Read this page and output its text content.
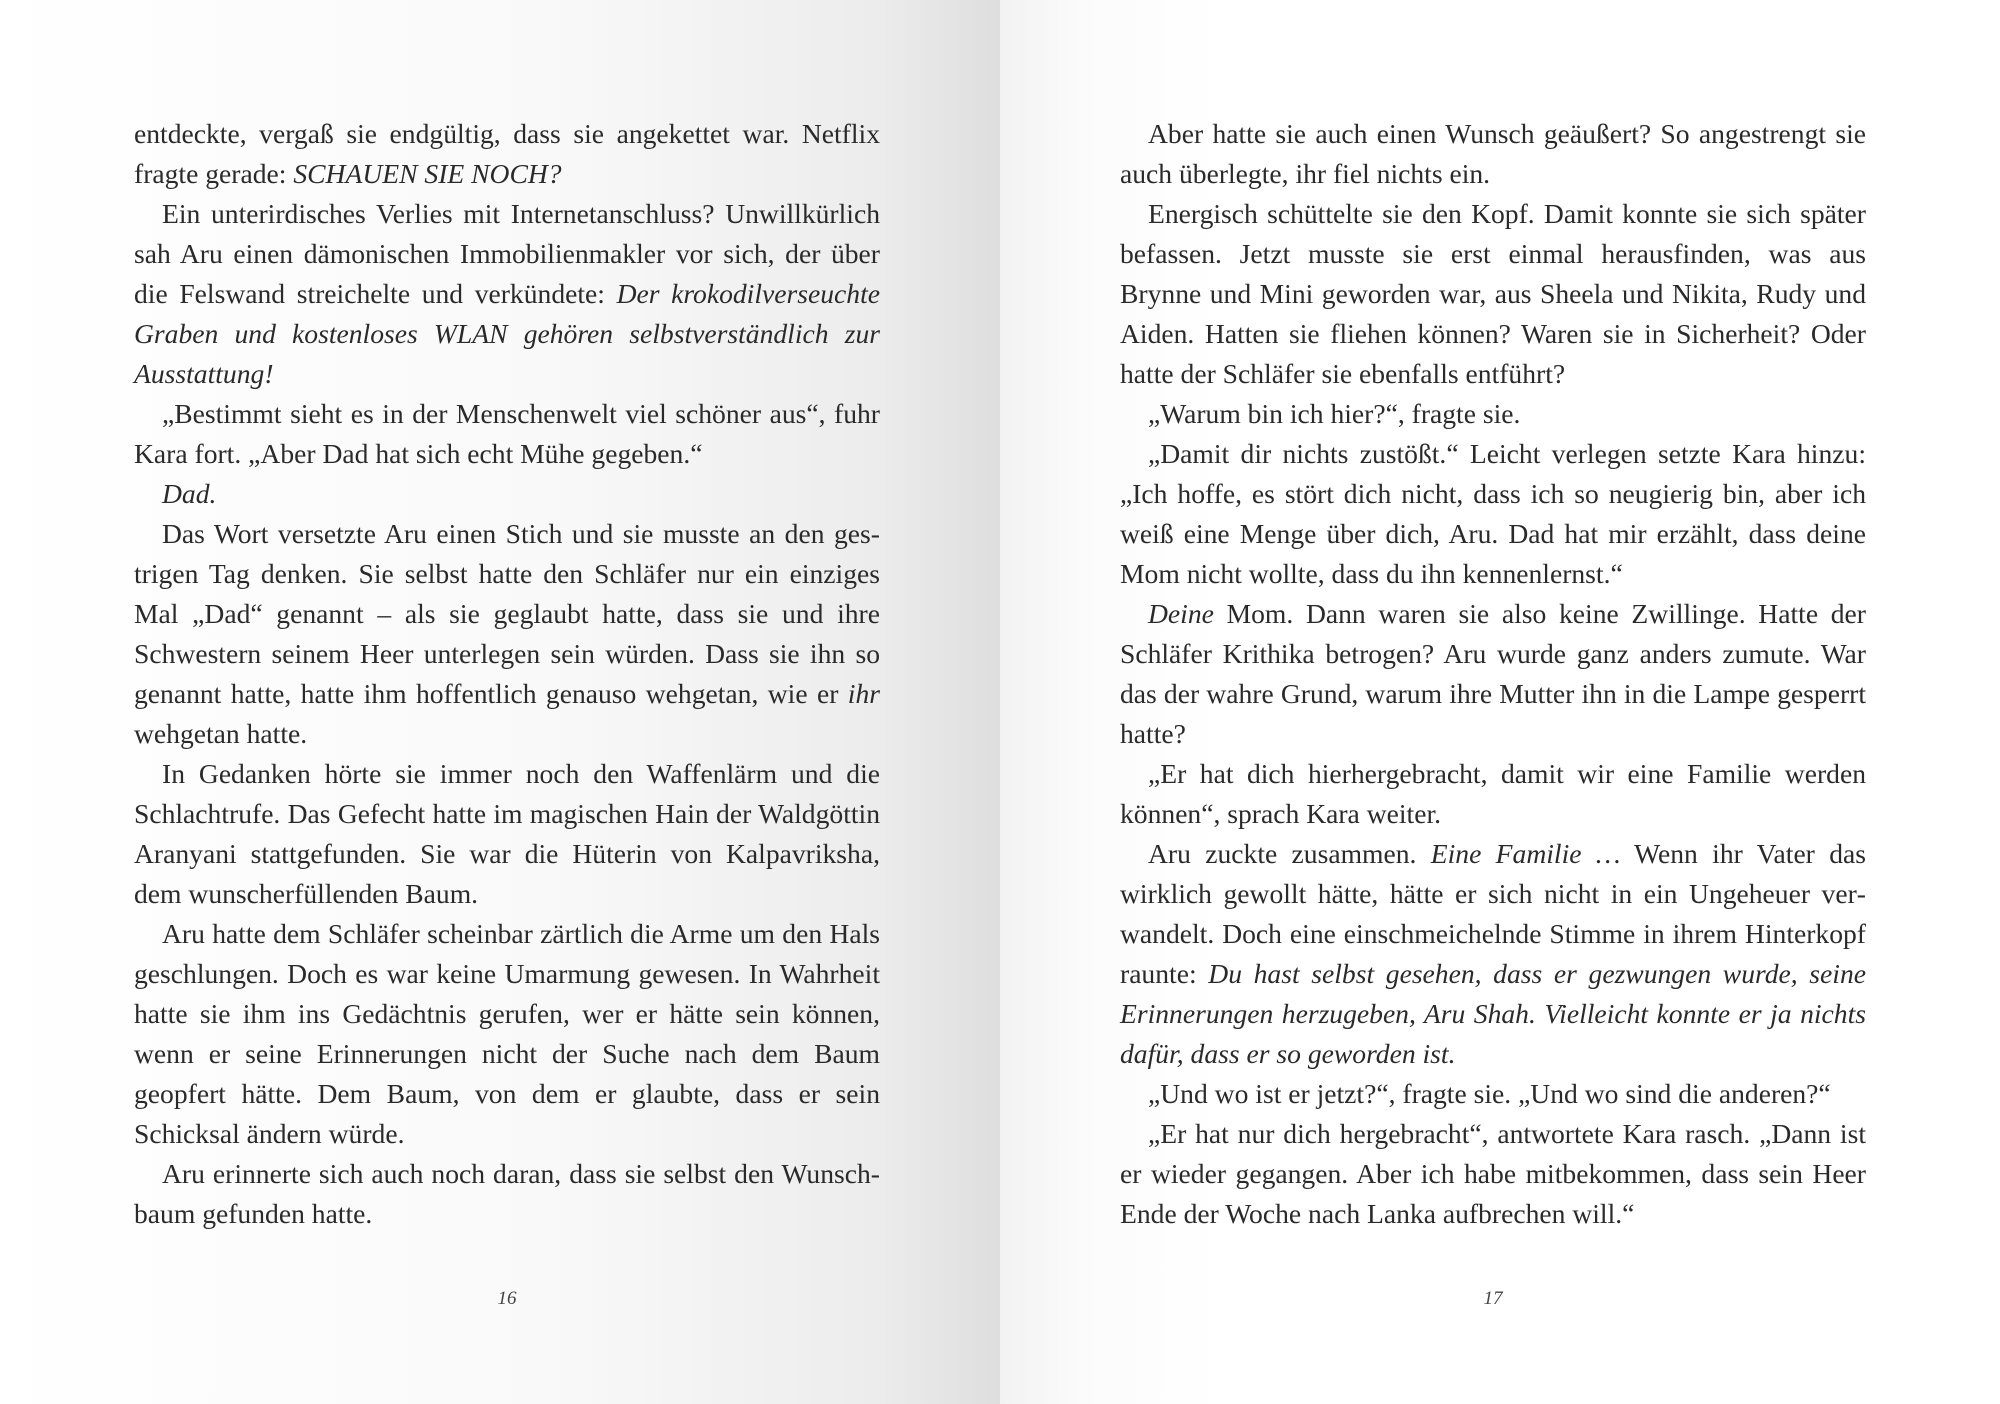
entdeckte, vergaß sie endgültig, dass sie angekettet war. Netflix fragte gerade: SCHAUEN SIE NOCH?

Ein unterirdisches Verlies mit Internetanschluss? Unwillkürlich sah Aru einen dämonischen Immobilienmakler vor sich, der über die Felswand streichelte und verkündete: Der krokodilverseuchte Graben und kostenloses WLAN gehören selbstverständlich zur Ausstattung!

„Bestimmt sieht es in der Menschenwelt viel schöner aus“, fuhr Kara fort. „Aber Dad hat sich echt Mühe gegeben.“

Dad.

Das Wort versetzte Aru einen Stich und sie musste an den gestrigen Tag denken. Sie selbst hatte den Schläfer nur ein einziges Mal „Dad“ genannt – als sie geglaubt hatte, dass sie und ihre Schwestern seinem Heer unterlegen sein würden. Dass sie ihn so genannt hatte, hatte ihm hoffentlich genauso wehgetan, wie er ihr wehgetan hatte.

In Gedanken hörte sie immer noch den Waffenlärm und die Schlachtrufe. Das Gefecht hatte im magischen Hain der Waldgöttin Aranyani stattgefunden. Sie war die Hüterin von Kalpavriksha, dem wunscherfüllenden Baum.

Aru hatte dem Schläfer scheinbar zärtlich die Arme um den Hals geschlungen. Doch es war keine Umarmung gewesen. In Wahrheit hatte sie ihm ins Gedächtnis gerufen, wer er hätte sein können, wenn er seine Erinnerungen nicht der Suche nach dem Baum geopfert hätte. Dem Baum, von dem er glaubte, dass er sein Schicksal ändern würde.

Aru erinnerte sich auch noch daran, dass sie selbst den Wunschbaum gefunden hatte.

16

Aber hatte sie auch einen Wunsch geäußert? So angestrengt sie auch überlegte, ihr fiel nichts ein.

Energisch schüttelte sie den Kopf. Damit konnte sie sich später befassen. Jetzt musste sie erst einmal herausfinden, was aus Brynne und Mini geworden war, aus Sheela und Nikita, Rudy und Aiden. Hatten sie fliehen können? Waren sie in Sicherheit? Oder hatte der Schläfer sie ebenfalls entführt?

„Warum bin ich hier?“, fragte sie.

„Damit dir nichts zustößt.“ Leicht verlegen setzte Kara hinzu: „Ich hoffe, es stört dich nicht, dass ich so neugierig bin, aber ich weiß eine Menge über dich, Aru. Dad hat mir erzählt, dass deine Mom nicht wollte, dass du ihn kennenlernst.“

Deine Mom. Dann waren sie also keine Zwillinge. Hatte der Schläfer Krithika betrogen? Aru wurde ganz anders zumute. War das der wahre Grund, warum ihre Mutter ihn in die Lampe gesperrt hatte?

„Er hat dich hierhergebracht, damit wir eine Familie werden können“, sprach Kara weiter.

Aru zuckte zusammen. Eine Familie … Wenn ihr Vater das wirklich gewollt hätte, hätte er sich nicht in ein Ungeheuer verwandelt. Doch eine einschmeichelnde Stimme in ihrem Hinterkopf raunte: Du hast selbst gesehen, dass er gezwungen wurde, seine Erinnerungen herzugeben, Aru Shah. Vielleicht konnte er ja nichts dafür, dass er so geworden ist.

„Und wo ist er jetzt?“, fragte sie. „Und wo sind die anderen?“

„Er hat nur dich hergebracht“, antwortete Kara rasch. „Dann ist er wieder gegangen. Aber ich habe mitbekommen, dass sein Heer Ende der Woche nach Lanka aufbrechen will.“

17
